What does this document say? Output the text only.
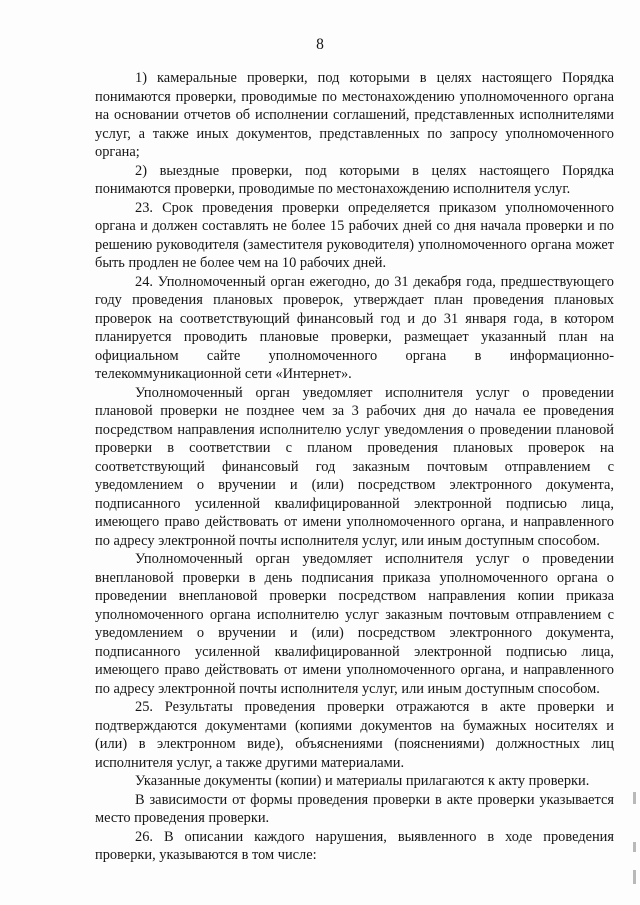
8

1) камеральные проверки, под которыми в целях настоящего Порядка понимаются проверки, проводимые по местонахождению уполномоченного органа на основании отчетов об исполнении соглашений, представленных исполнителями услуг, а также иных документов, представленных по запросу уполномоченного органа;

2) выездные проверки, под которыми в целях настоящего Порядка понимаются проверки, проводимые по местонахождению исполнителя услуг.

23. Срок проведения проверки определяется приказом уполномоченного органа и должен составлять не более 15 рабочих дней со дня начала проверки и по решению руководителя (заместителя руководителя) уполномоченного органа может быть продлен не более чем на 10 рабочих дней.

24. Уполномоченный орган ежегодно, до 31 декабря года, предшествующего году проведения плановых проверок, утверждает план проведения плановых проверок на соответствующий финансовый год и до 31 января года, в котором планируется проводить плановые проверки, размещает указанный план на официальном сайте уполномоченного органа в информационно-телекоммуникационной сети «Интернет».

Уполномоченный орган уведомляет исполнителя услуг о проведении плановой проверки не позднее чем за 3 рабочих дня до начала ее проведения посредством направления исполнителю услуг уведомления о проведении плановой проверки в соответствии с планом проведения плановых проверок на соответствующий финансовый год заказным почтовым отправлением с уведомлением о вручении и (или) посредством электронного документа, подписанного усиленной квалифицированной электронной подписью лица, имеющего право действовать от имени уполномоченного органа, и направленного по адресу электронной почты исполнителя услуг, или иным доступным способом.

Уполномоченный орган уведомляет исполнителя услуг о проведении внеплановой проверки в день подписания приказа уполномоченного органа о проведении внеплановой проверки посредством направления копии приказа уполномоченного органа исполнителю услуг заказным почтовым отправлением с уведомлением о вручении и (или) посредством электронного документа, подписанного усиленной квалифицированной электронной подписью лица, имеющего право действовать от имени уполномоченного органа, и направленного по адресу электронной почты исполнителя услуг, или иным доступным способом.

25. Результаты проведения проверки отражаются в акте проверки и подтверждаются документами (копиями документов на бумажных носителях и (или) в электронном виде), объяснениями (пояснениями) должностных лиц исполнителя услуг, а также другими материалами.

Указанные документы (копии) и материалы прилагаются к акту проверки.

В зависимости от формы проведения проверки в акте проверки указывается место проведения проверки.

26. В описании каждого нарушения, выявленного в ходе проведения проверки, указываются в том числе:
